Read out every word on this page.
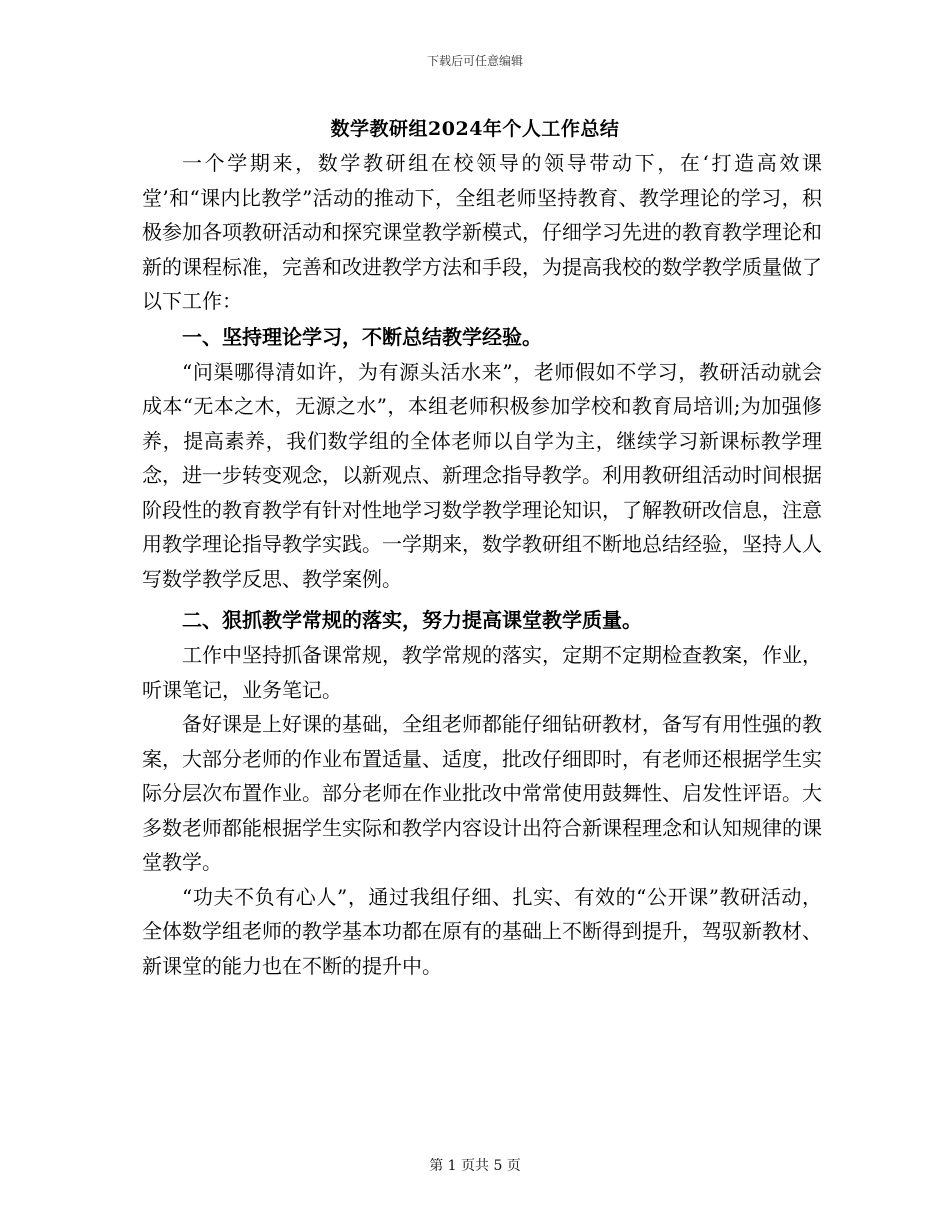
下载后可任意编辑
数学教研组2024年个人工作总结

一个学期来，数学教研组在校领导的领导带动下，在‘打造高效课堂’和“课内比教学”活动的推动下，全组老师坚持教育、教学理论的学习，积极参加各项教研活动和探究课堂教学新模式，仔细学习先进的教育教学理论和新的课程标准，完善和改进教学方法和手段，为提高我校的数学教学质量做了以下工作：

一、坚持理论学习，不断总结教学经验。

“问渠哪得清如许，为有源头活水来”，老师假如不学习，教研活动就会成本“无本之木，无源之水”，本组老师积极参加学校和教育局培训;为加强修养，提高素养，我们数学组的全体老师以自学为主，继续学习新课标教学理念，进一步转变观念，以新观点、新理念指导教学。利用教研组活动时间根据阶段性的教育教学有针对性地学习数学教学理论知识，了解教研改信息，注意用教学理论指导教学实践。一学期来，数学教研组不断地总结经验，坚持人人写数学教学反思、教学案例。

二、狠抓教学常规的落实，努力提高课堂教学质量。

工作中坚持抓备课常规，教学常规的落实，定期不定期检查教案，作业，听课笔记，业务笔记。

备好课是上好课的基础，全组老师都能仔细钻研教材，备写有用性强的教案，大部分老师的作业布置适量、适度，批改仔细即时，有老师还根据学生实际分层次布置作业。部分老师在作业批改中常常使用鼓舞性、启发性评语。大多数老师都能根据学生实际和教学内容设计出符合新课程理念和认知规律的课堂教学。

“功夫不负有心人”，通过我组仔细、扎实、有效的“公开课”教研活动，全体数学组老师的教学基本功都在原有的基础上不断得到提升，驾驭新教材、新课堂的能力也在不断的提升中。

第 1 页共 5 页
